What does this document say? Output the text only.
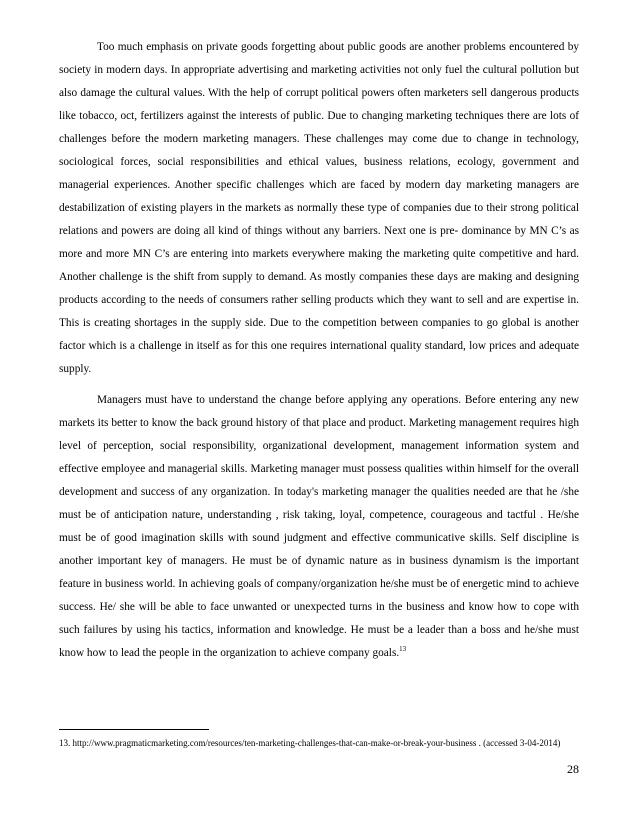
Too much emphasis on private goods forgetting about public goods are another problems encountered by society in modern days. In appropriate advertising and marketing activities not only fuel the cultural pollution but also damage the cultural values. With the help of corrupt political powers often marketers sell dangerous products like tobacco, oct, fertilizers against the interests of public. Due to changing marketing techniques there are lots of challenges before the modern marketing managers. These challenges may come due to change in technology, sociological forces, social responsibilities and ethical values, business relations, ecology, government and managerial experiences. Another specific challenges which are faced by modern day marketing managers are destabilization of existing players in the markets as normally these type of companies due to their strong political relations and powers are doing all kind of things without any barriers. Next one is pre- dominance by MN C’s as more and more MN C’s are entering into markets everywhere making the marketing quite competitive and hard. Another challenge is the shift from supply to demand. As mostly companies these days are making and designing products according to the needs of consumers rather selling products which they want to sell and are expertise in. This is creating shortages in the supply side. Due to the competition between companies to go global is another factor which is a challenge in itself as for this one requires international quality standard, low prices and adequate supply.

Managers must have to understand the change before applying any operations. Before entering any new markets its better to know the back ground history of that place and product. Marketing management requires high level of perception, social responsibility, organizational development, management information system and effective employee and managerial skills. Marketing manager must possess qualities within himself for the overall development and success of any organization. In today's marketing manager the qualities needed are that he /she must be of anticipation nature, understanding , risk taking, loyal, competence, courageous and tactful . He/she must be of good imagination skills with sound judgment and effective communicative skills. Self discipline is another important key of managers. He must be of dynamic nature as in business dynamism is the important feature in business world. In achieving goals of company/organization he/she must be of energetic mind to achieve success. He/ she will be able to face unwanted or unexpected turns in the business and know how to cope with such failures by using his tactics, information and knowledge. He must be a leader than a boss and he/she must know how to lead the people in the organization to achieve company goals.$^{13}$

13. http://www.pragmaticmarketing.com/resources/ten-marketing-challenges-that-can-make-or-break-your-business . (accessed 3-04-2014)

28
